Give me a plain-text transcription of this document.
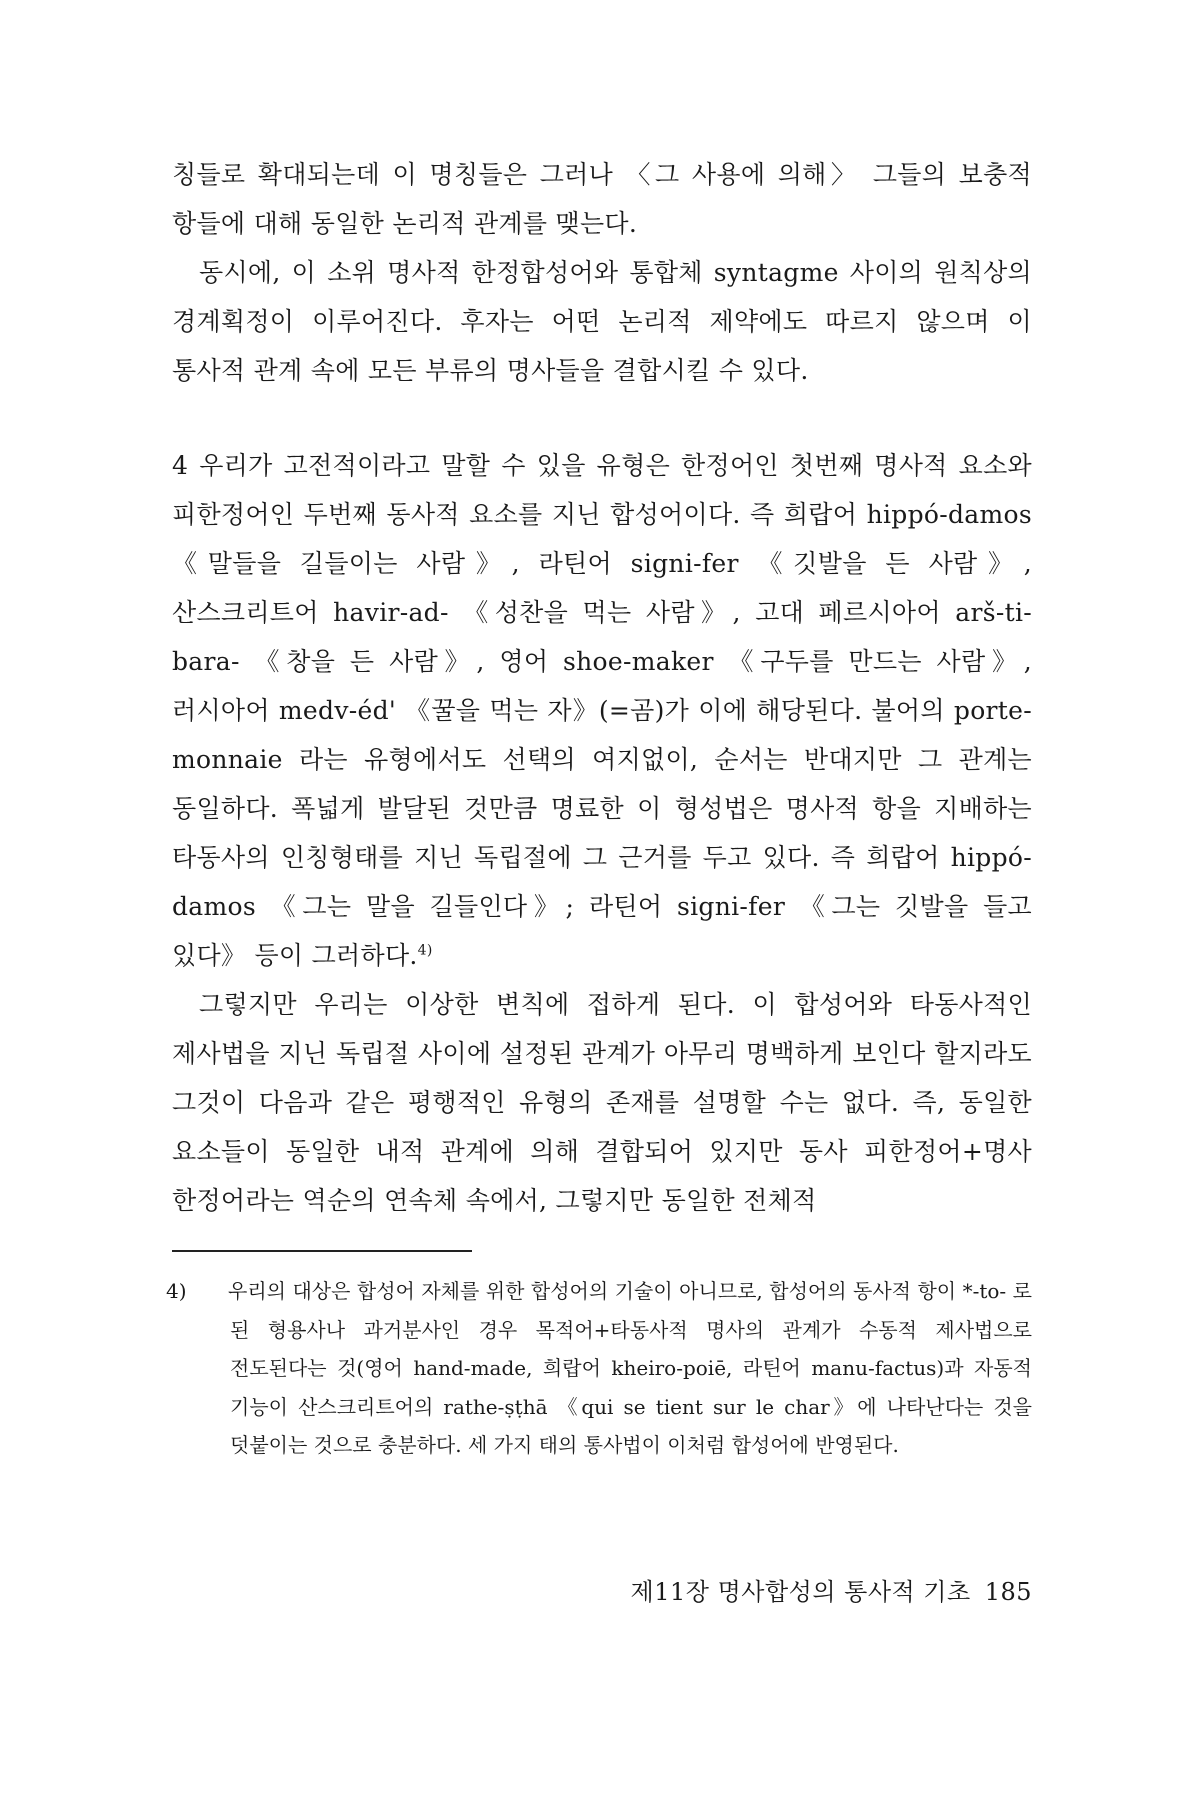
칭들로 확대되는데 이 명칭들은 그러나 〈그 사용에 의해〉 그들의 보충적 항들에 대해 동일한 논리적 관계를 맺는다.

동시에, 이 소위 명사적 한정합성어와 통합체 syntagme 사이의 원칙상의 경계획정이 이루어진다. 후자는 어떤 논리적 제약에도 따르지 않으며 이 통사적 관계 속에 모든 부류의 명사들을 결합시킬 수 있다.

4 우리가 고전적이라고 말할 수 있을 유형은 한정어인 첫번째 명사적 요소와 피한정어인 두번째 동사적 요소를 지닌 합성어이다. 즉 희랍어 hippó-damos 《말들을 길들이는 사람》, 라틴어 signi-fer 《깃발을 든 사람》, 산스크리트어 havir-ad- 《성찬을 먹는 사람》, 고대 페르시아어 arš-ti-bara- 《창을 든 사람》, 영어 shoe-maker 《구두를 만드는 사람》, 러시아어 medv-éd' 《꿀을 먹는 자》(=곰)가 이에 해당된다. 불어의 porte-monnaie 라는 유형에서도 선택의 여지없이, 순서는 반대지만 그 관계는 동일하다. 폭넓게 발달된 것만큼 명료한 이 형성법은 명사적 항을 지배하는 타동사의 인칭형태를 지닌 독립절에 그 근거를 두고 있다. 즉 희랍어 hippó-damos 《그는 말을 길들인다》; 라틴어 signi-fer 《그는 깃발을 들고 있다》 등이 그러하다.$^{4)}$

그렇지만 우리는 이상한 변칙에 접하게 된다. 이 합성어와 타동사적인 제사법을 지닌 독립절 사이에 설정된 관계가 아무리 명백하게 보인다 할지라도 그것이 다음과 같은 평행적인 유형의 존재를 설명할 수는 없다. 즉, 동일한 요소들이 동일한 내적 관계에 의해 결합되어 있지만 동사 피한정어+명사 한정어라는 역순의 연속체 속에서, 그렇지만 동일한 전체적

4) 우리의 대상은 합성어 자체를 위한 합성어의 기술이 아니므로, 합성어의 동사적 항이 *-to- 로 된 형용사나 과거분사인 경우 목적어+타동사적 명사의 관계가 수동적 제사법으로 전도된다는 것(영어 hand-made, 희랍어 kheiro-poiē, 라틴어 manu-factus)과 자동적 기능이 산스크리트어의 rathe-ṣṭhā 《qui se tient sur le char》에 나타난다는 것을 덧붙이는 것으로 충분하다. 세 가지 태의 통사법이 이처럼 합성어에 반영된다.
제11장 명사합성의 통사적 기초 185
